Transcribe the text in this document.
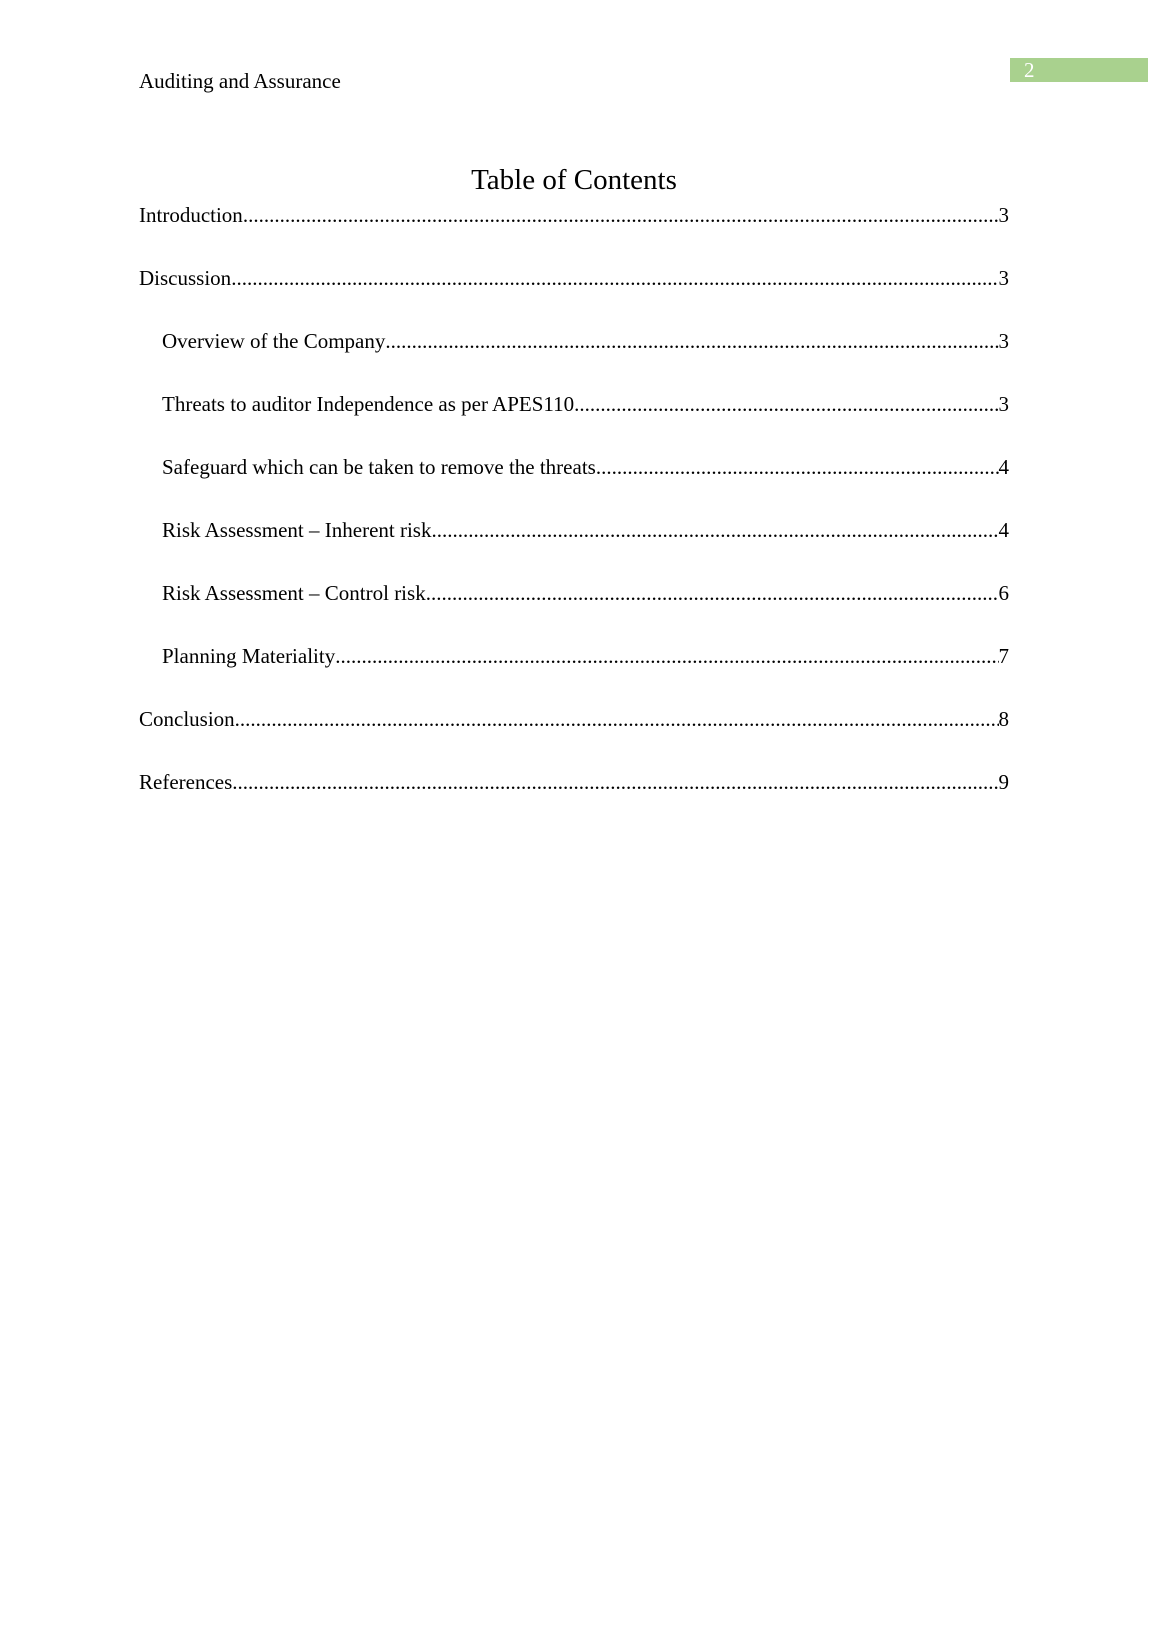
Auditing and Assurance	2
Table of Contents
Introduction .....	3
Discussion .....	3
Overview of the Company .....	3
Threats to auditor Independence as per APES110 .....	3
Safeguard which can be taken to remove the threats .....	4
Risk Assessment – Inherent risk .....	4
Risk Assessment – Control risk .....	6
Planning Materiality .....	7
Conclusion .....	8
References .....	9
